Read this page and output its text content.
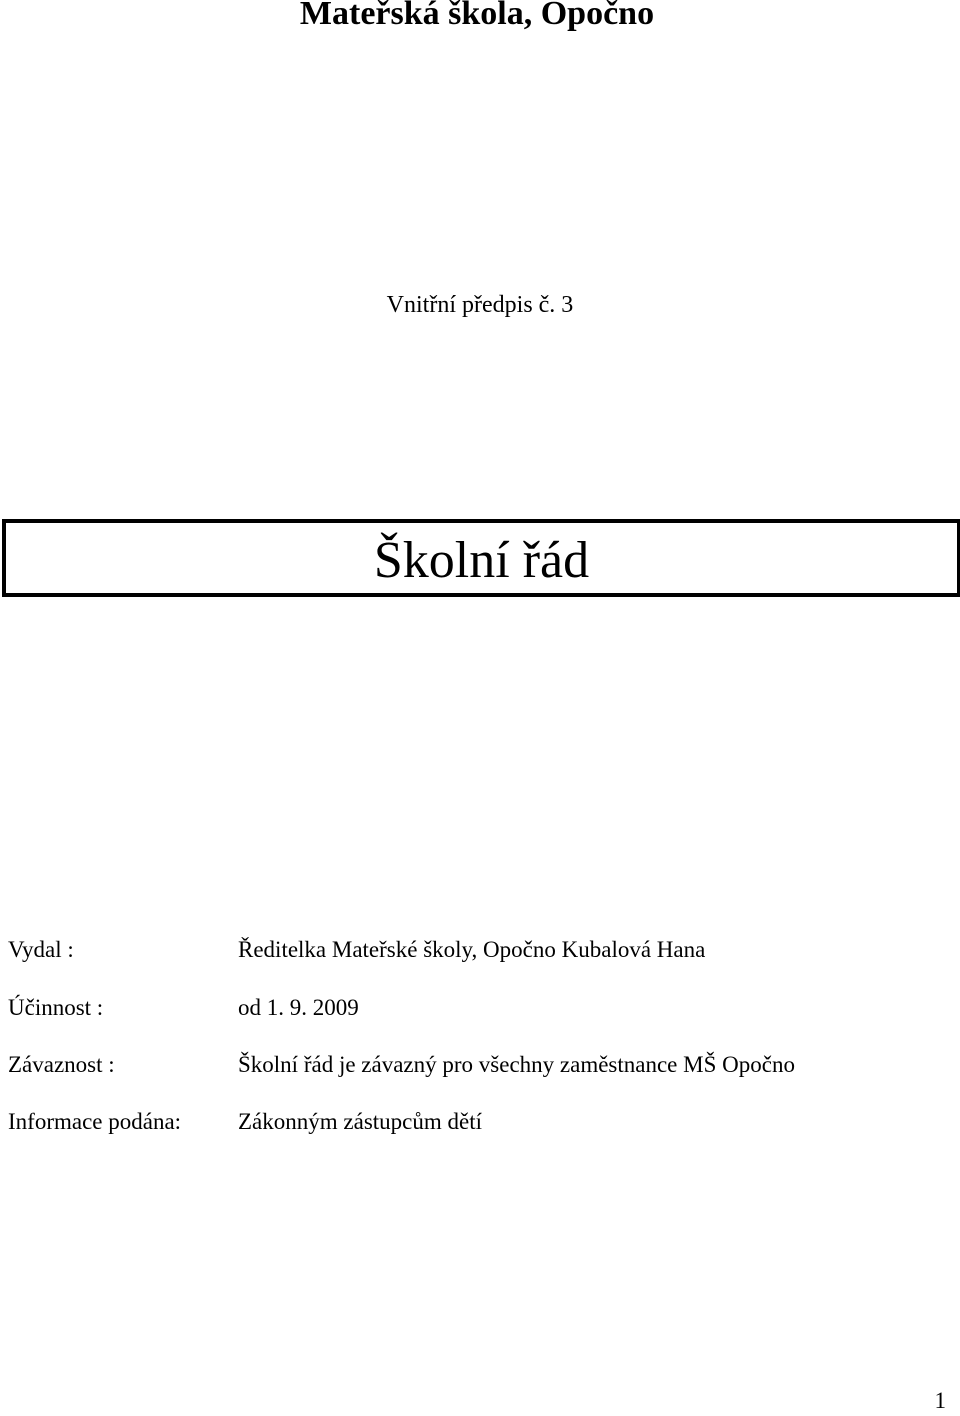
Mateřská škola, Opočno
Vnitřní předpis č. 3
Školní řád
Vydal :	Ředitelka Mateřské školy, Opočno Kubalová Hana
Účinnost :	od 1. 9. 2009
Závaznost :	Školní řád je závazný pro všechny zaměstnance MŠ Opočno
Informace podána: Zákonným zástupcům dětí
1
